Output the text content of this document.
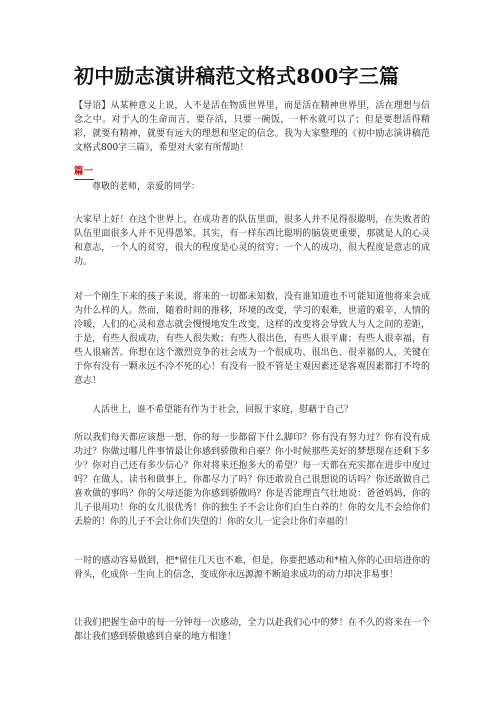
初中励志演讲稿范文格式800字三篇

【导语】从某种意义上说，人不是活在物质世界里，而是活在精神世界里，活在理想与信念之中。对于人的生命而言，要存活，只要一碗饭，一杯水就可以了；但是要想活得精彩，就要有精神，就要有远大的理想和坚定的信念。我为大家整理的《初中励志演讲稿范文格式800字三篇》，希望对大家有所帮助！

篇一

尊敬的老师，亲爱的同学：

大家早上好！在这个世界上，在成功者的队伍里面，很多人并不见得很聪明，在失败者的队伍里面很多人并不见得愚笨。其实，有一样东西比聪明的脑袋更重要，那就是人的心灵和意志，一个人的贫穷，很大的程度是心灵的贫穷；一个人的成功，很大程度是意志的成功。

对一个刚生下来的孩子来说，将来的一切都未知数，没有谁知道也不可能知道他将来会成为什么样的人。然而，随着时间的推移，环境的改变，学习的艰难，世道的艰辛，人情的冷暖，人们的心灵和意志就会慢慢地发生改变，这样的改变将会导致人与人之间的差距，于是，有些人很成功，有些人很失败；有些人很出色，有些人很平庸；有些人很幸福，有些人很痛苦。你想在这个激烈竞争的社会成为一个很成功、很出色、很幸福的人，关键在于你有没有一颗永远不冷不死的心！有没有一股不管是主观因素还是客观因素都打不垮的意志！

人活世上，谁不希望能有作为于社会，回报于家庭，慰藉于自己？

所以我们每天都应该想一想，你的每一步都留下什么脚印？你有没有努力过？你有没有成功过？你做过哪几件事情最让你感到骄傲和自豪？你小时候那些美好的梦想现在还剩下多少？你对自己还有多少信心？你对将来还抱多大的希望？每一天都在充实都在进步中度过吗？在做人、读书和做事上，你都尽力了吗？你还敢说自己很想说的话吗？你还敢做自己喜欢做的事吗？你的父母还能为你感到骄傲吗？你是否能理直气壮地说：爸爸妈妈，你的儿子很用功！你的女儿很优秀！你的独生子不会让你们白生白养的！你的女儿不会给你们丢脸的！你的儿子不会让你们失望的！你的女儿一定会让你们幸福的！

一时的感动容易做到，把*留住几天也不难，但是，你要把感动和*植入你的心田培进你的骨头，化成你一生向上的信念，变成你永远源源不断追求成功的动力却决非易事！

让我们把握生命中的每一分钟每一次感动，全力以赴我们心中的梦！在不久的将来在一个都让我们感到骄傲感到自豪的地方相逢！
